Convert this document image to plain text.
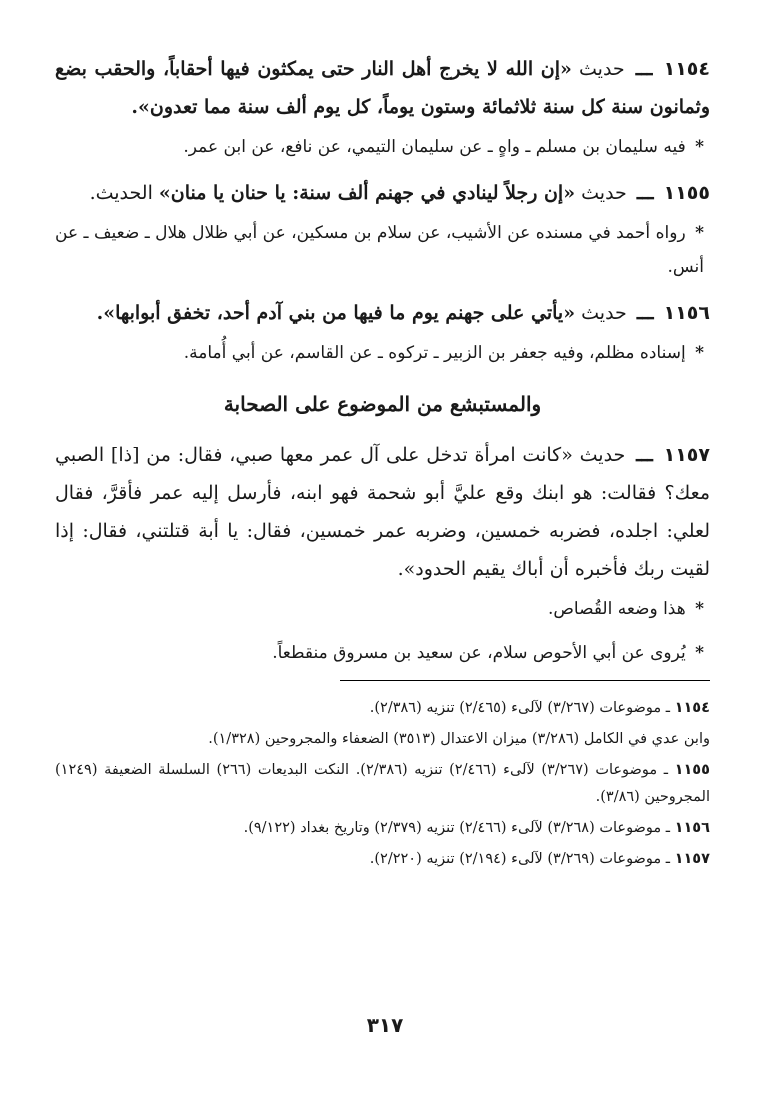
١١٥٤ ـــ حديث «إن الله لا يخرج أهل النار حتى يمكثون فيها أحقاباً، والحقب بضع وثمانون سنة كل سنة ثلاثمائة وستون يوماً، كل يوم ألف سنة مما تعدون».

* فيه سليمان بن مسلم ـ واهٍ ـ عن سليمان التيمي، عن نافع، عن ابن عمر.

١١٥٥ ـــ حديث «إن رجلاً لينادي في جهنم ألف سنة: يا حنان يا منان» الحديث.

* رواه أحمد في مسنده عن الأشيب، عن سلام بن مسكين، عن أبي ظلال هلال ـ ضعيف ـ عن أنس.

١١٥٦ ـــ حديث «يأتي على جهنم يوم ما فيها من بني آدم أحد، تخفق أبوابها».

* إسناده مظلم، وفيه جعفر بن الزبير ـ تركوه ـ عن القاسم، عن أبي أُمامة.

والمستبشع من الموضوع على الصحابة

١١٥٧ ـــ حديث «كانت امرأة تدخل على آل عمر معها صبي، فقال: من [ذا] الصبي معك؟ فقالت: هو ابنك وقع عليَّ أبو شحمة فهو ابنه، فأرسل إليه عمر فأقرَّ، فقال لعلي: اجلده، فضربه خمسين، وضربه عمر خمسين، فقال: يا أبة قتلتني، فقال: إذا لقيت ربك فأخبره أن أباك يقيم الحدود».

* هذا وضعه القُصاص.

* يُروى عن أبي الأحوص سلام، عن سعيد بن مسروق منقطعاً.

١١٥٤ ـ موضوعات (٣/٢٦٧) لآلىء (٢/٤٦٥) تنزيه (٢/٣٨٦).

وابن عدي في الكامل (٣/٢٨٦) ميزان الاعتدال (٣٥١٣) الضعفاء والمجروحين (١/٣٢٨).

١١٥٥ ـ موضوعات (٣/٢٦٧) لآلىء (٢/٤٦٦) تنزيه (٢/٣٨٦). النكت البديعات (٢٦٦) السلسلة الضعيفة (١٢٤٩) المجروحين (٣/٨٦).

١١٥٦ ـ موضوعات (٣/٢٦٨) لآلىء (٢/٤٦٦) تنزيه (٢/٣٧٩) وتاريخ بغداد (٩/١٢٢).

١١٥٧ ـ موضوعات (٣/٢٦٩) لآلىء (٢/١٩٤) تنزيه (٢/٢٢٠).

٣١٧
